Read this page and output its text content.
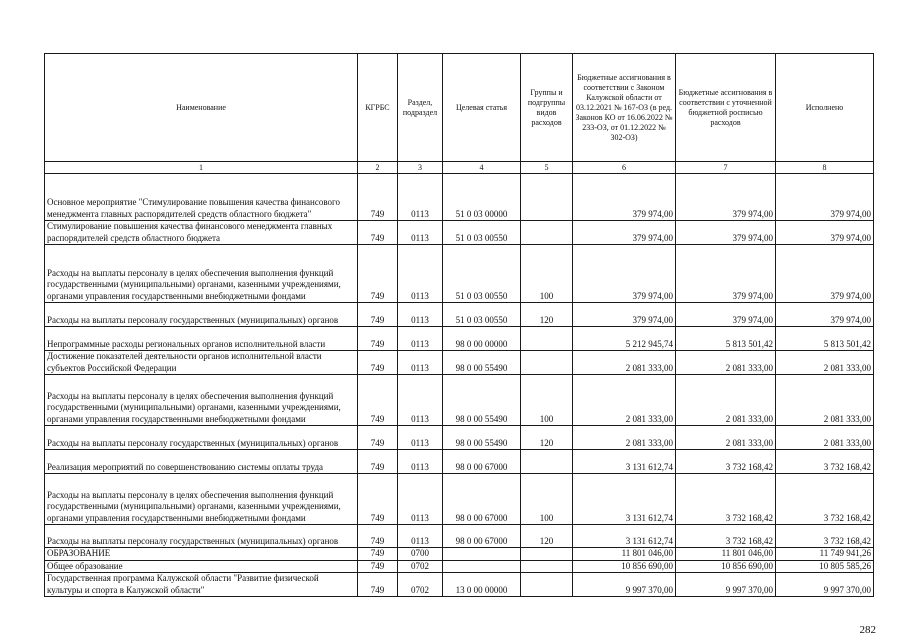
Наименование	КГРБС	Раздел, подраздел	Целевая статья	Группы и подгруппы видов расходов	Бюджетные ассигнования в соответствии с Законом Калужской области от 03.12.2021 № 167-ОЗ (в ред. Законов КО от 16.06.2022 № 233-ОЗ, от 01.12.2022 № 302-ОЗ)	Бюджетные ассигнования в соответствии с уточненной бюджетной росписью расходов	Исполнено
1	2	3	4	5	6	7	8
Основное мероприятие "Стимулирование повышения качества финансового менеджмента главных распорядителей средств областного бюджета"	749	0113	51 0 03 00000		379 974,00	379 974,00	379 974,00
Стимулирование повышения качества финансового менеджмента главных распорядителей средств областного бюджета	749	0113	51 0 03 00550		379 974,00	379 974,00	379 974,00
Расходы на выплаты персоналу в целях обеспечения выполнения функций государственными (муниципальными) органами, казенными учреждениями, органами управления государственными внебюджетными фондами	749	0113	51 0 03 00550	100	379 974,00	379 974,00	379 974,00
Расходы на выплаты персоналу государственных (муниципальных) органов	749	0113	51 0 03 00550	120	379 974,00	379 974,00	379 974,00
Непрограммные расходы региональных органов исполнительной власти	749	0113	98 0 00 00000		5 212 945,74	5 813 501,42	5 813 501,42
Достижение показателей деятельности органов исполнительной власти субъектов Российской Федерации	749	0113	98 0 00 55490		2 081 333,00	2 081 333,00	2 081 333,00
Расходы на выплаты персоналу в целях обеспечения выполнения функций государственными (муниципальными) органами, казенными учреждениями, органами управления государственными внебюджетными фондами	749	0113	98 0 00 55490	100	2 081 333,00	2 081 333,00	2 081 333,00
Расходы на выплаты персоналу государственных (муниципальных) органов	749	0113	98 0 00 55490	120	2 081 333,00	2 081 333,00	2 081 333,00
Реализация мероприятий по совершенствованию системы оплаты труда	749	0113	98 0 00 67000		3 131 612,74	3 732 168,42	3 732 168,42
Расходы на выплаты персоналу в целях обеспечения выполнения функций государственными (муниципальными) органами, казенными учреждениями, органами управления государственными внебюджетными фондами	749	0113	98 0 00 67000	100	3 131 612,74	3 732 168,42	3 732 168,42
Расходы на выплаты персоналу государственных (муниципальных) органов	749	0113	98 0 00 67000	120	3 131 612,74	3 732 168,42	3 732 168,42
ОБРАЗОВАНИЕ	749	0700			11 801 046,00	11 801 046,00	11 749 941,26
Общее образование	749	0702			10 856 690,00	10 856 690,00	10 805 585,26
Государственная программа Калужской области "Развитие физической культуры и спорта в Калужской области"	749	0702	13 0 00 00000		9 997 370,00	9 997 370,00	9 997 370,00
282
